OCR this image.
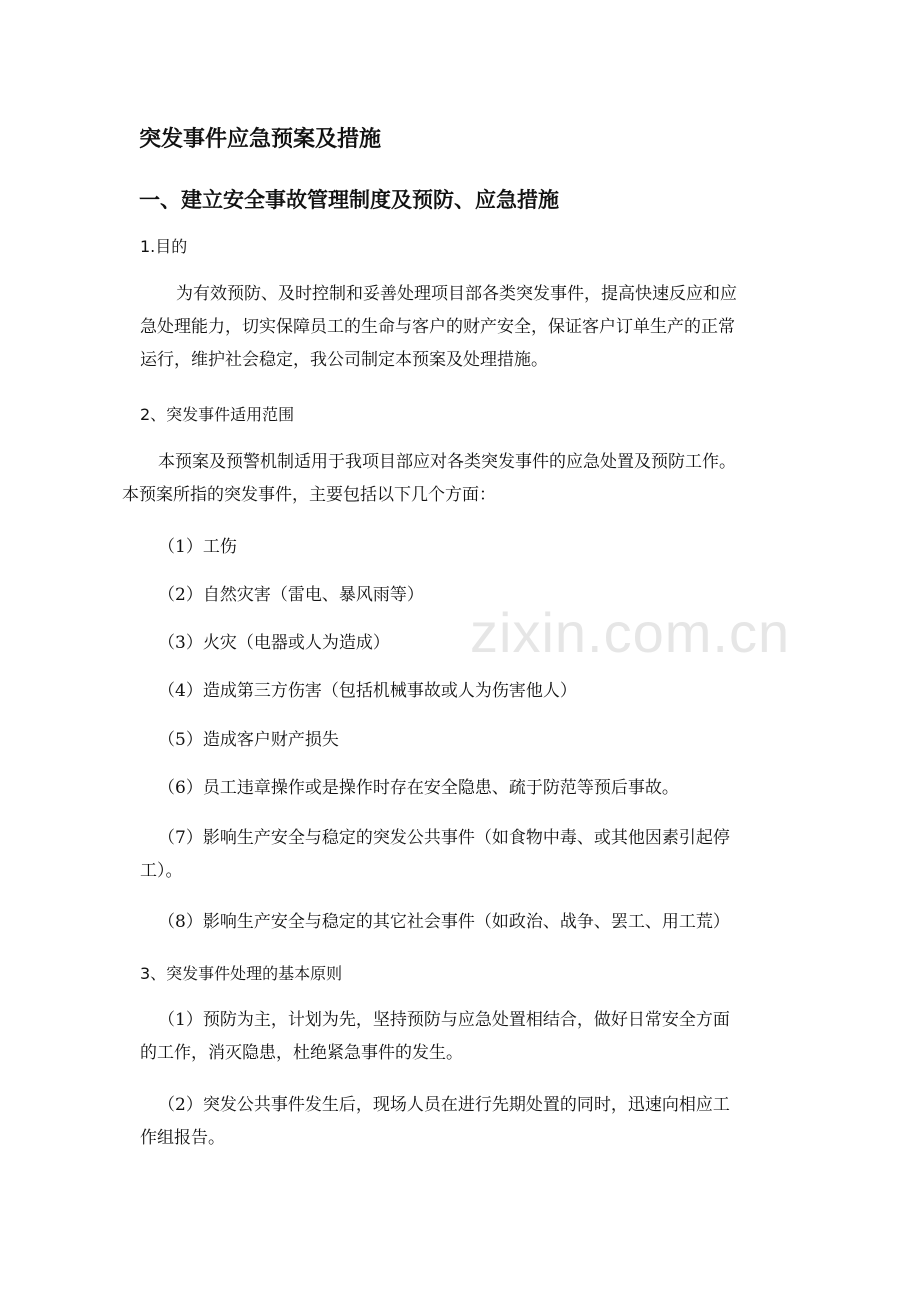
zixin.com.cn
突发事件应急预案及措施
一、建立安全事故管理制度及预防、应急措施
1.目的
为有效预防、及时控制和妥善处理项目部各类突发事件，提高快速反应和应
急处理能力，切实保障员工的生命与客户的财产安全，保证客户订单生产的正常
运行，维护社会稳定，我公司制定本预案及处理措施。
2、突发事件适用范围
本预案及预警机制适用于我项目部应对各类突发事件的应急处置及预防工作。
本预案所指的突发事件，主要包括以下几个方面：
（1）工伤
（2）自然灾害（雷电、暴风雨等）
（3）火灾（电器或人为造成）
（4）造成第三方伤害（包括机械事故或人为伤害他人）
（5）造成客户财产损失
（6）员工违章操作或是操作时存在安全隐患、疏于防范等预后事故。
（7）影响生产安全与稳定的突发公共事件（如食物中毒、或其他因素引起停
工）。
（8）影响生产安全与稳定的其它社会事件（如政治、战争、罢工、用工荒）
3、突发事件处理的基本原则
（1）预防为主，计划为先，坚持预防与应急处置相结合，做好日常安全方面
的工作，消灭隐患，杜绝紧急事件的发生。
（2）突发公共事件发生后，现场人员在进行先期处置的同时，迅速向相应工
作组报告。
